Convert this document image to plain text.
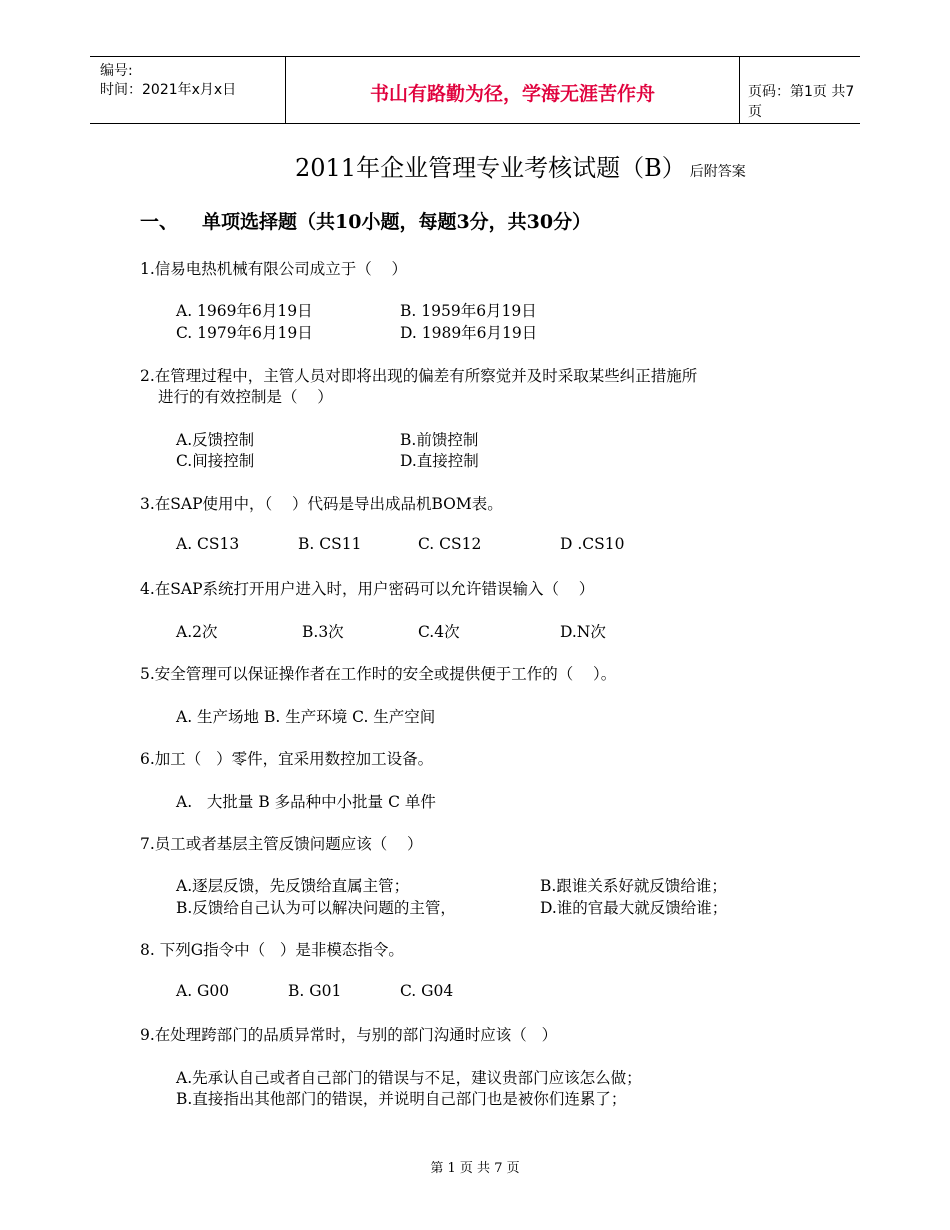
编号:
时间：2021年x月x日	书山有路勤为径，学海无涯苦作舟	页码：第1页 共7页
2011年企业管理专业考核试题（B） 后附答案
一、 单项选择题（共10小题，每题3分，共30分）
1.信易电热机械有限公司成立于（    ）
A. 1969年6月19日	B. 1959年6月19日
C. 1979年6月19日	D. 1989年6月19日
2.在管理过程中，主管人员对即将出现的偏差有所察觉并及时采取某些纠正措施所
进行的有效控制是（    ）
A.反馈控制	B.前馈控制
C.间接控制	D.直接控制
3.在SAP使用中，（    ）代码是导出成品机BOM表。
A. CS13	B. CS11	C. CS12	D .CS10
4.在SAP系统打开用户进入时，用户密码可以允许错误输入（    ）
A.2次	B.3次	C.4次	D.N次
5.安全管理可以保证操作者在工作时的安全或提供便于工作的（    ）。
A. 生产场地 B. 生产环境 C. 生产空间
6.加工（   ）零件，宜采用数控加工设备。
A.   大批量 B 多品种中小批量 C 单件
7.员工或者基层主管反馈问题应该（    ）
A.逐层反馈，先反馈给直属主管；	B.跟谁关系好就反馈给谁；
B.反馈给自己认为可以解决问题的主管，	D.谁的官最大就反馈给谁；
8. 下列G指令中（   ）是非模态指令。
A. G00	B. G01	C. G04
9.在处理跨部门的品质异常时，与别的部门沟通时应该（   ）
A.先承认自己或者自己部门的错误与不足，建议贵部门应该怎么做；
B.直接指出其他部门的错误，并说明自己部门也是被你们连累了；
第 1 页 共 7 页
